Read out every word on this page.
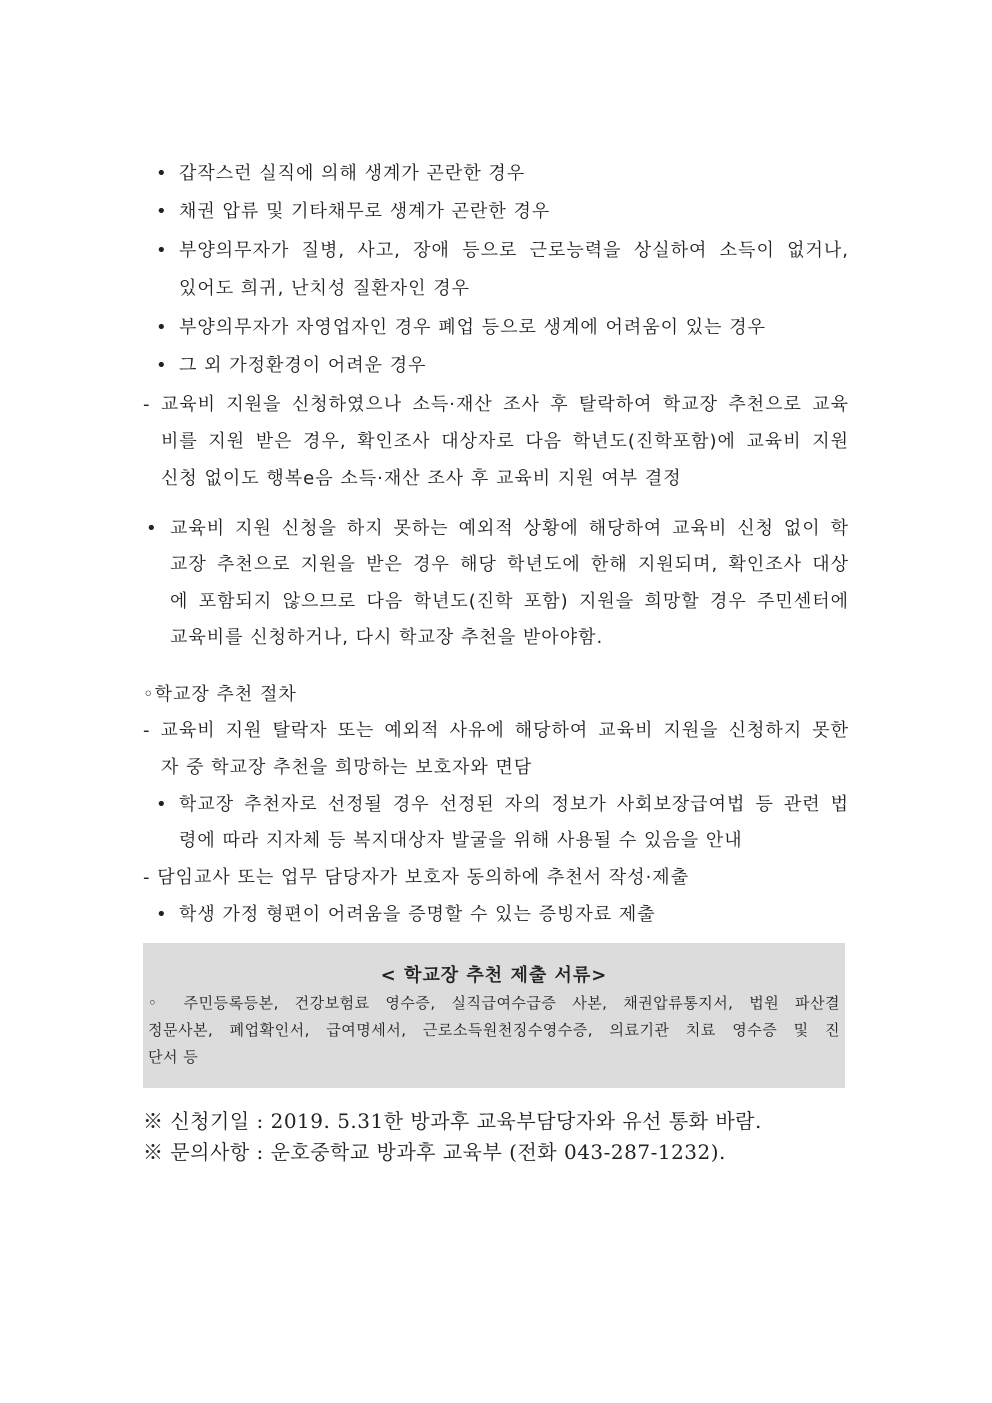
• 갑작스런 실직에 의해 생계가 곤란한 경우
• 채권 압류 및 기타채무로 생계가 곤란한 경우
• 부양의무자가 질병, 사고, 장애 등으로 근로능력을 상실하여 소득이 없거나,
있어도 희귀, 난치성 질환자인 경우
• 부양의무자가 자영업자인 경우 폐업 등으로 생계에 어려움이 있는 경우
• 그 외 가정환경이 어려운 경우
- 교육비 지원을 신청하였으나 소득·재산 조사 후 탈락하여 학교장 추천으로 교육
비를 지원 받은 경우, 확인조사 대상자로 다음 학년도(진학포함)에 교육비 지원
신청 없이도 행복e음 소득·재산 조사 후 교육비 지원 여부 결정
• 교육비 지원 신청을 하지 못하는 예외적 상황에 해당하여 교육비 신청 없이 학
교장 추천으로 지원을 받은 경우 해당 학년도에 한해 지원되며, 확인조사 대상
에 포함되지 않으므로 다음 학년도(진학 포함) 지원을 희망할 경우 주민센터에
교육비를 신청하거나, 다시 학교장 추천을 받아야함.
◦학교장 추천 절차
- 교육비 지원 탈락자 또는 예외적 사유에 해당하여 교육비 지원을 신청하지 못한
자 중 학교장 추천을 희망하는 보호자와 면담
• 학교장 추천자로 선정될 경우 선정된 자의 정보가 사회보장급여법 등 관련 법
령에 따라 지자체 등 복지대상자 발굴을 위해 사용될 수 있음을 안내
- 담임교사 또는 업무 담당자가 보호자 동의하에 추천서 작성·제출
• 학생 가정 형편이 어려움을 증명할 수 있는 증빙자료 제출
< 학교장 추천 제출 서류>
◦ 주민등록등본, 건강보험료 영수증, 실직급여수급증 사본, 채권압류통지서, 법원 파산결
정문사본, 폐업확인서, 급여명세서, 근로소득원천징수영수증, 의료기관 치료 영수증 및 진
단서 등
※ 신청기일 : 2019. 5.31한 방과후 교육부담당자와 유선 통화 바람.
※ 문의사항 : 운호중학교 방과후 교육부 (전화 043-287-1232).
